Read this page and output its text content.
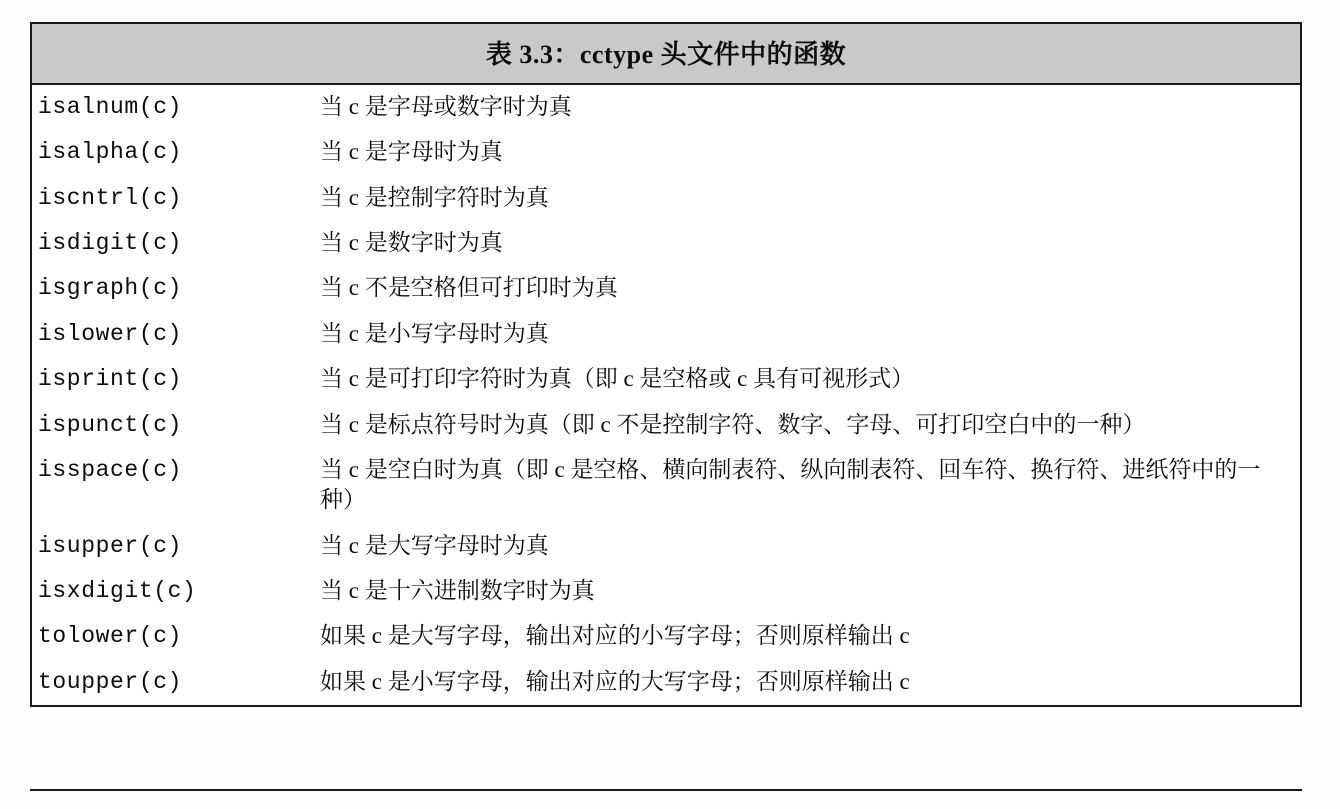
表 3.3：cctype 头文件中的函数
isalnum(c)	当 c 是字母或数字时为真
isalpha(c)	当 c 是字母时为真
iscntrl(c)	当 c 是控制字符时为真
isdigit(c)	当 c 是数字时为真
isgraph(c)	当 c 不是空格但可打印时为真
islower(c)	当 c 是小写字母时为真
isprint(c)	当 c 是可打印字符时为真（即 c 是空格或 c 具有可视形式）
ispunct(c)	当 c 是标点符号时为真（即 c 不是控制字符、数字、字母、可打印空白中的一种）
isspace(c)	当 c 是空白时为真（即 c 是空格、横向制表符、纵向制表符、回车符、换行符、进纸符中的一种）
isupper(c)	当 c 是大写字母时为真
isxdigit(c)	当 c 是十六进制数字时为真
tolower(c)	如果 c 是大写字母，输出对应的小写字母；否则原样输出 c
toupper(c)	如果 c 是小写字母，输出对应的大写字母；否则原样输出 c
